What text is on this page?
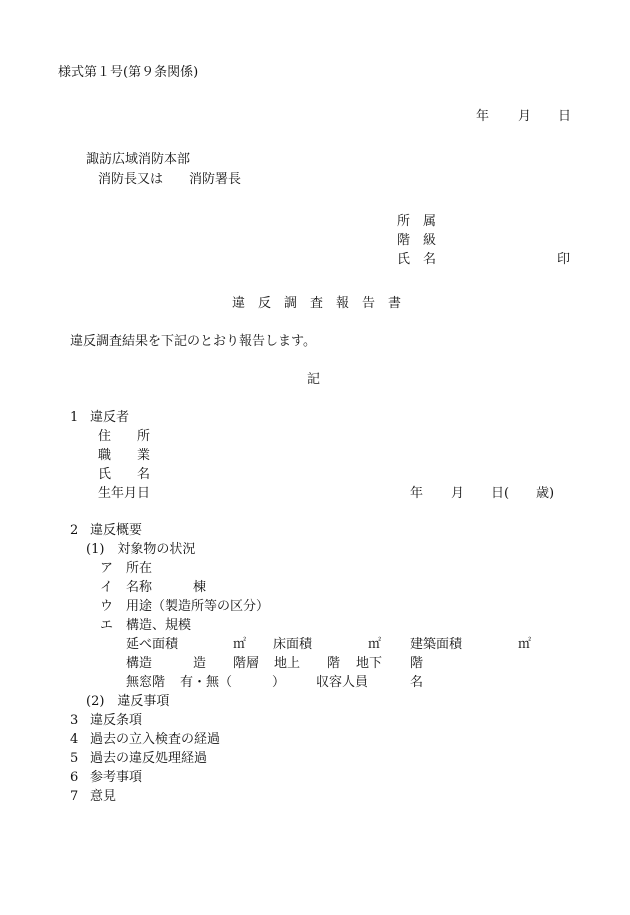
様式第１号(第９条関係)

年 月 日

諏訪広域消防本部

消防長又は　　消防署長

所　属

階　級

氏　名	印

違　反　調　査　報　告　書

違反調査結果を下記のとおり報告します。

記

1 違反者

住　　所

職　　業

氏　　名

生年月日	年 月 日( 歳)

2 違反概要

(1)　対象物の状況

ア　所在

イ　名称	棟

ウ　用途（製造所等の区分）

エ　構造、規模

延べ面積	㎡ 床面積	㎡ 建築面積	㎡

構造	造 階層 地上 階 地下 階

無窓階 有・無（	） 収容人員	名

(2)　違反事項

3 違反条項

4 過去の立入検査の経過

5 過去の違反処理経過

6 参考事項

7 意見
